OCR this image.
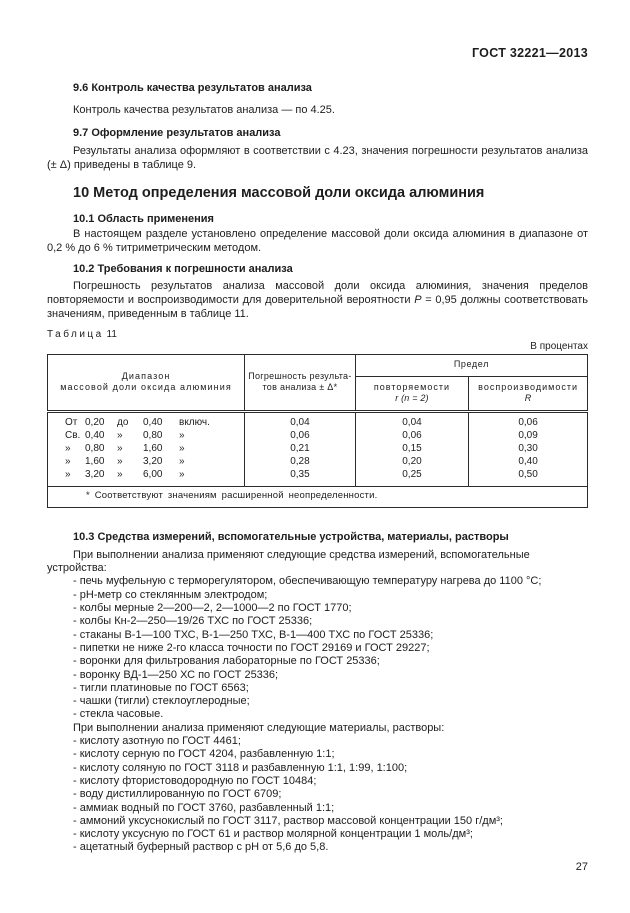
ГОСТ 32221—2013
9.6 Контроль качества результатов анализа
Контроль качества результатов анализа — по 4.25.
9.7 Оформление результатов анализа
Результаты анализа оформляют в соответствии с 4.23, значения погрешности результатов анализа (± Δ) приведены в таблице 9.
10 Метод определения массовой доли оксида алюминия
10.1 Область применения
В настоящем разделе установлено определение массовой доли оксида алюминия в диапазоне от 0,2 % до 6 % титриметрическим методом.
10.2 Требования к погрешности анализа

Погрешность результатов анализа массовой доли оксида алюминия, значения пределов повторяемости и воспроизводимости для доверительной вероятности P = 0,95 должны соответствовать значениям, приведенным в таблице 11.

Таблица 11
В процентах
Диапазон
массовой доли оксида алюминия

Погрешность результа-
тов анализа ± Δ*
	Предел

повторяемости
r (n = 2)

воспроизводимости
R

От 0,20 до 0,40 включ.	0,04	0,04	0,06
Св. 0,40 » 0,80 »	0,06	0,06	0,09
» 0,80 » 1,60 »	0,21	0,15	0,30
» 1,60 » 3,20 »	0,28	0,20	0,40
» 3,20 » 6,00 »	0,35	0,25	0,50
* Соответствуют значениям расширенной неопределенности.			
10.3 Средства измерений, вспомогательные устройства, материалы, растворы
При выполнении анализа применяют следующие средства измерений, вспомогательные устройства:
- печь муфельную с терморегулятором, обеспечивающую температуру нагрева до 1100 °С;
- pH-метр со стеклянным электродом;
- колбы мерные 2—200—2, 2—1000—2 по ГОСТ 1770;
- колбы Кн-2—250—19/26 ТХС по ГОСТ 25336;
- стаканы В-1—100 ТХС, В-1—250 ТХС, В-1—400 ТХС по ГОСТ 25336;
- пипетки не ниже 2-го класса точности по ГОСТ 29169 и ГОСТ 29227;
- воронки для фильтрования лабораторные по ГОСТ 25336;
- воронку ВД-1—250 ХС по ГОСТ 25336;
- тигли платиновые по ГОСТ 6563;
- чашки (тигли) стеклоуглеродные;
- стекла часовые.
При выполнении анализа применяют следующие материалы, растворы:
- кислоту азотную по ГОСТ 4461;
- кислоту серную по ГОСТ 4204, разбавленную 1:1;
- кислоту соляную по ГОСТ 3118 и разбавленную 1:1, 1:99, 1:100;
- кислоту фтористоводородную по ГОСТ 10484;
- воду дистиллированную по ГОСТ 6709;
- аммиак водный по ГОСТ 3760, разбавленный 1:1;
- аммоний уксуснокислый по ГОСТ 3117, раствор массовой концентрации 150 г/дм³;
- кислоту уксусную по ГОСТ 61 и раствор молярной концентрации 1 моль/дм³;
- ацетатный буферный раствор с pH от 5,6 до 5,8.
27
